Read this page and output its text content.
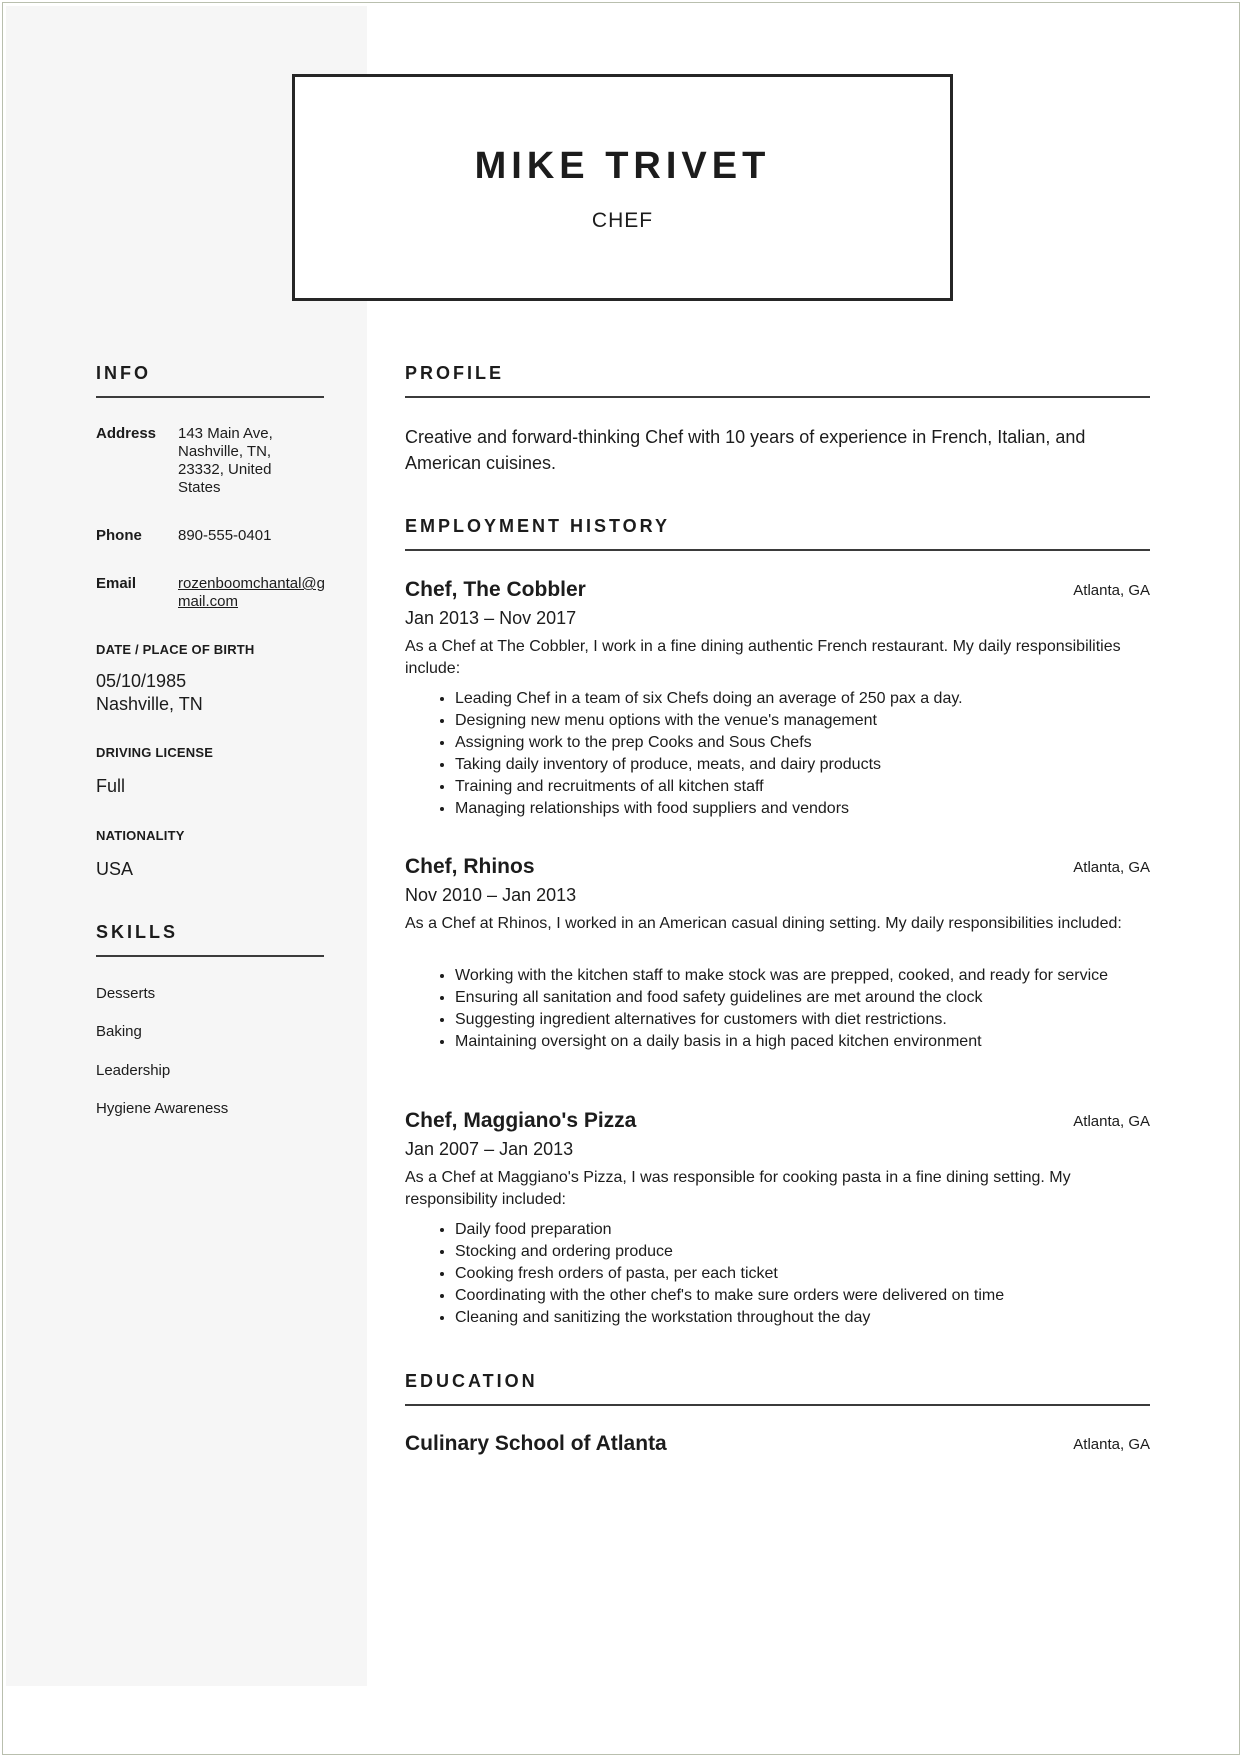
MIKE TRIVET
CHEF
INFO
Address 143 Main Ave, Nashville, TN, 23332, United States
Phone 890-555-0401
Email	rozenboomchantal@gmail.com
DATE / PLACE OF BIRTH
05/10/1985
Nashville, TN
DRIVING LICENSE
Full
NATIONALITY
USA
SKILLS
Desserts
Baking
Leadership
Hygiene Awareness
PROFILE
Creative and forward-thinking Chef with 10 years of experience in French, Italian, and American cuisines.
EMPLOYMENT HISTORY
Chef, The Cobbler	Atlanta, GA
Jan 2013 – Nov 2017
As a Chef at The Cobbler, I work in a fine dining authentic French restaurant. My daily responsibilities include:
• Leading Chef in a team of six Chefs doing an average of 250 pax a day.
• Designing new menu options with the venue's management
• Assigning work to the prep Cooks and Sous Chefs
• Taking daily inventory of produce, meats, and dairy products
• Training and recruitments of all kitchen staff
• Managing relationships with food suppliers and vendors
Chef, Rhinos	Atlanta, GA
Nov 2010 – Jan 2013
As a Chef at Rhinos, I worked in an American casual dining setting. My daily responsibilities included:
• Working with the kitchen staff to make stock was are prepped, cooked, and ready for service
• Ensuring all sanitation and food safety guidelines are met around the clock
• Suggesting ingredient alternatives for customers with diet restrictions.
• Maintaining oversight on a daily basis in a high paced kitchen environment
Chef, Maggiano's Pizza	Atlanta, GA
Jan 2007 – Jan 2013
As a Chef at Maggiano's Pizza, I was responsible for cooking pasta in a fine dining setting. My responsibility included:
• Daily food preparation
• Stocking and ordering produce
• Cooking fresh orders of pasta, per each ticket
• Coordinating with the other chef's to make sure orders were delivered on time
• Cleaning and sanitizing the workstation throughout the day
EDUCATION
Culinary School of Atlanta	Atlanta, GA
